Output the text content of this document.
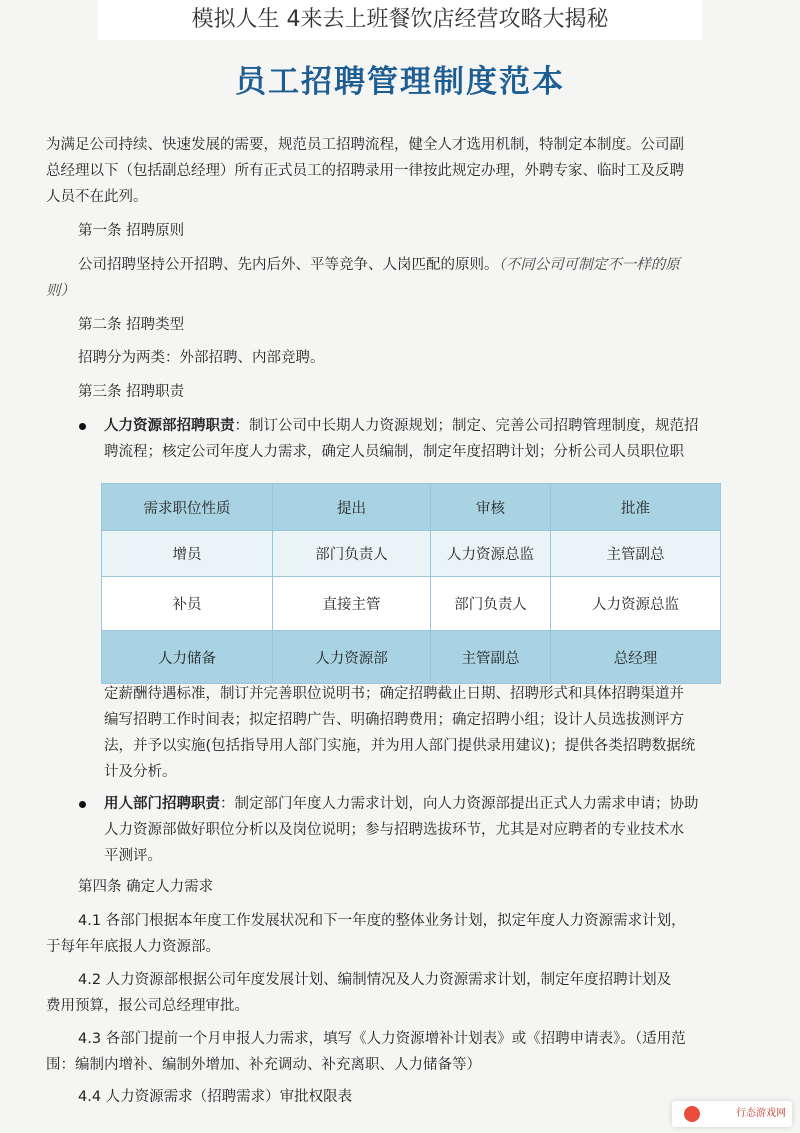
模拟人生 4来去上班餐饮店经营攻略大揭秘
员工招聘管理制度范本
为满足公司持续、快速发展的需要，规范员工招聘流程，健全人才选用机制，特制定本制度。公司副
总经理以下（包括副总经理）所有正式员工的招聘录用一律按此规定办理，外聘专家、临时工及反聘
人员不在此列。
第一条 招聘原则
公司招聘坚持公开招聘、先内后外、平等竞争、人岗匹配的原则。（不同公司可制定不一样的原
则）
第二条 招聘类型
招聘分为两类：外部招聘、内部竞聘。
第三条 招聘职责
人力资源部招聘职责：制订公司中长期人力资源规划；制定、完善公司招聘管理制度，规范招
聘流程；核定公司年度人力需求，确定人员编制，制定年度招聘计划；分析公司人员职位职
需求职位性质	提出	审核	批准
增员	部门负责人	人力资源总监	主管副总
补员	直接主管	部门负责人	人力资源总监
人力储备	人力资源部	主管副总	总经理
定薪酬待遇标准，制订并完善职位说明书；确定招聘截止日期、招聘形式和具体招聘渠道并
编写招聘工作时间表；拟定招聘广告、明确招聘费用；确定招聘小组；设计人员选拔测评方
法，并予以实施(包括指导用人部门实施，并为用人部门提供录用建议)；提供各类招聘数据统
计及分析。
用人部门招聘职责：制定部门年度人力需求计划，向人力资源部提出正式人力需求申请；协助
人力资源部做好职位分析以及岗位说明；参与招聘选拔环节，尤其是对应聘者的专业技术水
平测评。
第四条 确定人力需求
4.1 各部门根据本年度工作发展状况和下一年度的整体业务计划，拟定年度人力资源需求计划，
于每年年底报人力资源部。
4.2 人力资源部根据公司年度发展计划、编制情况及人力资源需求计划，制定年度招聘计划及
费用预算，报公司总经理审批。
4.3 各部门提前一个月申报人力需求，填写《人力资源增补计划表》或《招聘申请表》。（适用范
围：编制内增补、编制外增加、补充调动、补充离职、人力储备等）
4.4 人力资源需求（招聘需求）审批权限表
行态游戏网
